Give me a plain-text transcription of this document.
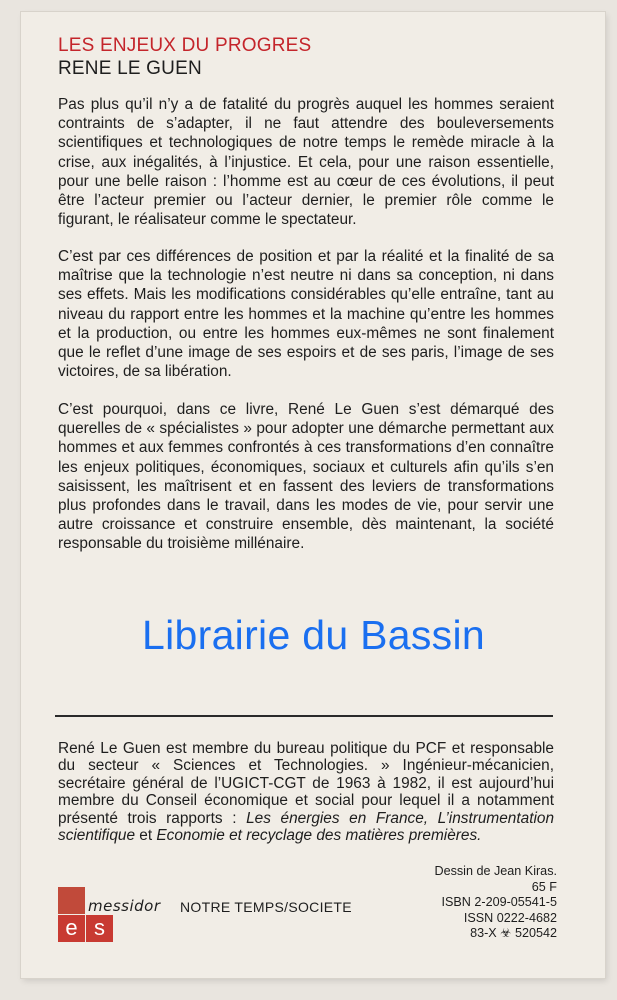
LES ENJEUX DU PROGRES
RENE LE GUEN

Pas plus qu’il n’y a de fatalité du progrès auquel les hommes seraient contraints de s’adapter, il ne faut attendre des bouleversements scientifiques et technologiques de notre temps le remède miracle à la crise, aux inégalités, à l’injustice. Et cela, pour une raison essentielle, pour une belle raison : l’homme est au cœur de ces évolutions, il peut être l’acteur premier ou l’acteur dernier, le premier rôle comme le figurant, le réalisateur comme le spectateur.

C’est par ces différences de position et par la réalité et la finalité de sa maîtrise que la technologie n’est neutre ni dans sa conception, ni dans ses effets. Mais les modifications considérables qu’elle entraîne, tant au niveau du rapport entre les hommes et la machine qu’entre les hommes et la production, ou entre les hommes eux-mêmes ne sont finalement que le reflet d’une image de ses espoirs et de ses paris, l’image de ses victoires, de sa libération.

C’est pourquoi, dans ce livre, René Le Guen s’est démarqué des querelles de « spécialistes » pour adopter une démarche permettant aux hommes et aux femmes confrontés à ces transformations d’en connaître les enjeux politiques, économiques, sociaux et culturels afin qu’ils s’en saisissent, les maîtrisent et en fassent des leviers de transformations plus profondes dans le travail, dans les modes de vie, pour servir une autre croissance et construire ensemble, dès maintenant, la société responsable du troisième millénaire.

Librairie du Bassin

René Le Guen est membre du bureau politique du PCF et responsable du secteur « Sciences et Technologies. » Ingénieur-mécanicien, secrétaire général de l’UGICT-CGT de 1963 à 1982, il est aujourd’hui membre du Conseil économique et social pour lequel il a notamment présenté trois rapports : Les énergies en France, L’instrumentation scientifique et Economie et recyclage des matières premières.

e s
messidor NOTRE TEMPS/SOCIETE
Dessin de Jean Kiras.
65 F
ISBN 2-209-05541-5
ISSN 0222-4682
83-X ☣ 520542
